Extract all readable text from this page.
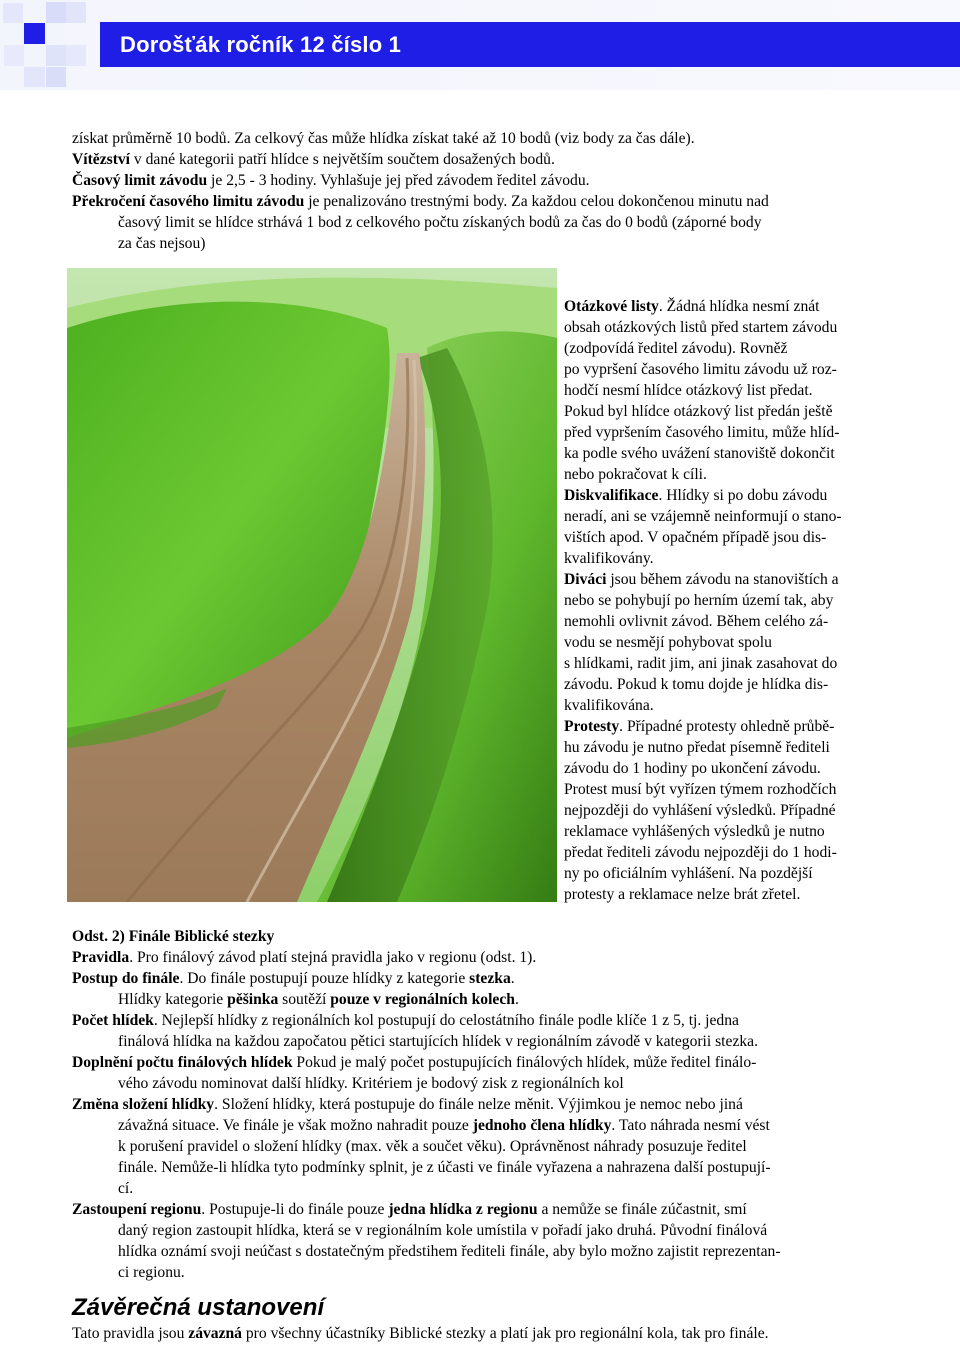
Dorošťák ročník 12 číslo 1
získat průměrně 10 bodů. Za celkový čas může hlídka získat také až 10 bodů (viz body za čas dále).
Vítězství v dané kategorii patří hlídce s největším součtem dosažených bodů.
Časový limit závodu je 2,5 - 3 hodiny. Vyhlašuje jej před závodem ředitel závodu.
Překročení časového limitu závodu je penalizováno trestnými body. Za každou celou dokončenou minutu nad
časový limit se hlídce strhává 1 bod z celkového počtu získaných bodů za čas do 0 bodů (záporné body
za čas nejsou)
Otázkové listy. Žádná hlídka nesmí znát
obsah otázkových listů před startem závodu
(zodpovídá ředitel závodu). Rovněž
po vypršení časového limitu závodu už roz-
hodčí nesmí hlídce otázkový list předat.
Pokud byl hlídce otázkový list předán ještě
před vypršením časového limitu, může hlíd-
ka podle svého uvážení stanoviště dokončit
nebo pokračovat k cíli.
Diskvalifikace. Hlídky si po dobu závodu
neradí, ani se vzájemně neinformují o stano-
vištích apod. V opačném případě jsou dis-
kvalifikovány.
Diváci jsou během závodu na stanovištích a
nebo se pohybují po herním území tak, aby
nemohli ovlivnit závod. Během celého zá-
vodu se nesmějí pohybovat spolu
s hlídkami, radit jim, ani jinak zasahovat do
závodu. Pokud k tomu dojde je hlídka dis-
kvalifikována.
Protesty. Případné protesty ohledně průbě-
hu závodu je nutno předat písemně řediteli
závodu do 1 hodiny po ukončení závodu.
Protest musí být vyřízen týmem rozhodčích
nejpozději do vyhlášení výsledků. Případné
reklamace vyhlášených výsledků je nutno
předat řediteli závodu nejpozději do 1 hodi-
ny po oficiálním vyhlášení. Na pozdější
protesty a reklamace nelze brát zřetel.
Odst. 2) Finále Biblické stezky
Pravidla. Pro finálový závod platí stejná pravidla jako v regionu (odst. 1).
Postup do finále. Do finále postupují pouze hlídky z kategorie stezka.
Hlídky kategorie pěšinka soutěží pouze v regionálních kolech.
Počet hlídek. Nejlepší hlídky z regionálních kol postupují do celostátního finále podle klíče 1 z 5, tj. jedna
finálová hlídka na každou započatou pětici startujících hlídek v regionálním závodě v kategorii stezka.
Doplnění počtu finálových hlídek Pokud je malý počet postupujících finálových hlídek, může ředitel finálo-
vého závodu nominovat další hlídky. Kritériem je bodový zisk z regionálních kol
Změna složení hlídky. Složení hlídky, která postupuje do finále nelze měnit. Výjimkou je nemoc nebo jiná
závažná situace. Ve finále je však možno nahradit pouze jednoho člena hlídky. Tato náhrada nesmí vést
k porušení pravidel o složení hlídky (max. věk a součet věku). Oprávněnost náhrady posuzuje ředitel
finále. Nemůže-li hlídka tyto podmínky splnit, je z účasti ve finále vyřazena a nahrazena další postupují-
cí.
Zastoupení regionu. Postupuje-li do finále pouze jedna hlídka z regionu a nemůže se finále zúčastnit, smí
daný region zastoupit hlídka, která se v regionálním kole umístila v pořadí jako druhá. Původní finálová
hlídka oznámí svoji neúčast s dostatečným předstihem řediteli finále, aby bylo možno zajistit reprezentan-
ci regionu.
Závěrečná ustanovení
Tato pravidla jsou závazná pro všechny účastníky Biblické stezky a platí jak pro regionální kola, tak pro finále.
